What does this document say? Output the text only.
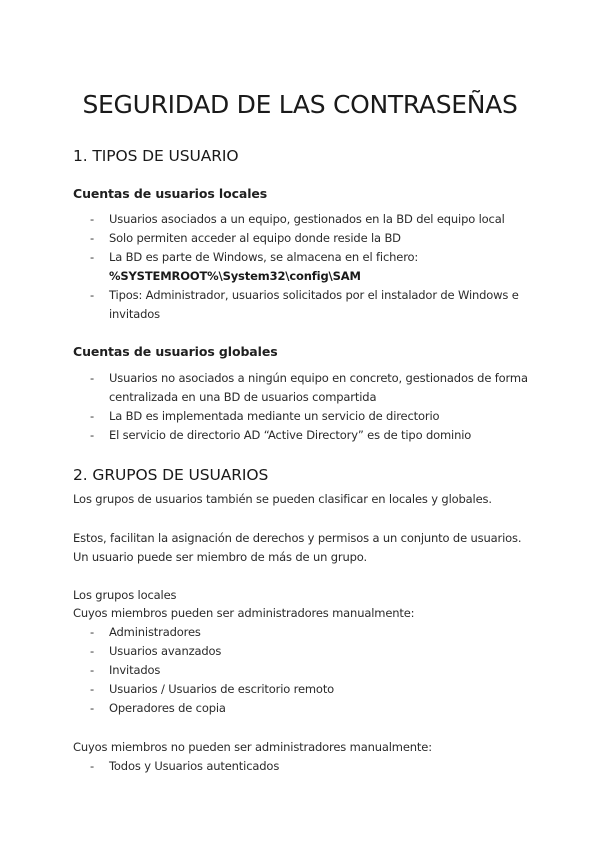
SEGURIDAD DE LAS CONTRASEÑAS
1. TIPOS DE USUARIO
Cuentas de usuarios locales
- Usuarios asociados a un equipo, gestionados en la BD del equipo local
- Solo permiten acceder al equipo donde reside la BD
- La BD es parte de Windows, se almacena en el fichero:
%SYSTEMROOT%\System32\config\SAM
- Tipos: Administrador, usuarios solicitados por el instalador de Windows e invitados
Cuentas de usuarios globales
- Usuarios no asociados a ningún equipo en concreto, gestionados de forma centralizada en una BD de usuarios compartida
- La BD es implementada mediante un servicio de directorio
- El servicio de directorio AD “Active Directory” es de tipo dominio
2. GRUPOS DE USUARIOS

Los grupos de usuarios también se pueden clasificar en locales y globales.

Estos, facilitan la asignación de derechos y permisos a un conjunto de usuarios.

Un usuario puede ser miembro de más de un grupo.

Los grupos locales

Cuyos miembros pueden ser administradores manualmente:

- Administradores
- Usuarios avanzados
- Invitados
- Usuarios / Usuarios de escritorio remoto
- Operadores de copia

Cuyos miembros no pueden ser administradores manualmente:

- Todos y Usuarios autenticados
